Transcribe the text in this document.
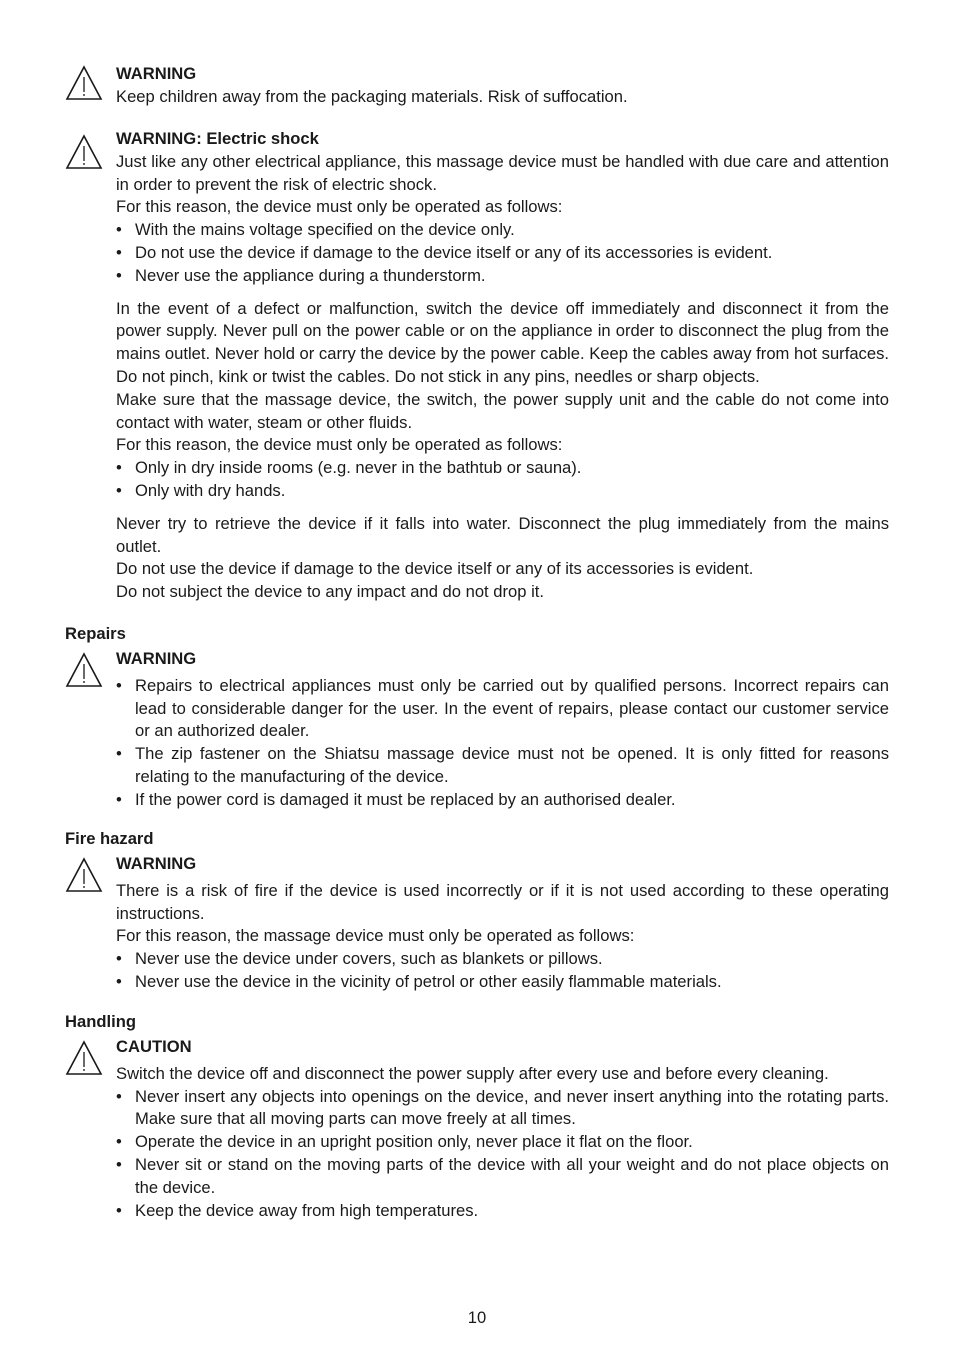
WARNING

Keep children away from the packaging materials. Risk of suffocation.

WARNING: Electric shock

Just like any other electrical appliance, this massage device must be handled with due care and attention in order to prevent the risk of electric shock.

For this reason, the device must only be operated as follows:

• With the mains voltage specified on the device only.
• Do not use the device if damage to the device itself or any of its accessories is evident.
• Never use the appliance during a thunderstorm.

In the event of a defect or malfunction, switch the device off immediately and disconnect it from the power supply. Never pull on the power cable or on the appliance in order to disconnect the plug from the mains outlet. Never hold or carry the device by the power cable. Keep the cables away from hot surfaces. Do not pinch, kink or twist the cables. Do not stick in any pins, needles or sharp objects.

Make sure that the massage device, the switch, the power supply unit and the cable do not come into contact with water, steam or other fluids.

For this reason, the device must only be operated as follows:

• Only in dry inside rooms (e.g. never in the bathtub or sauna).
• Only with dry hands.

Never try to retrieve the device if it falls into water. Disconnect the plug immediately from the mains outlet.

Do not use the device if damage to the device itself or any of its accessories is evident.

Do not subject the device to any impact and do not drop it.

Repairs
WARNING
• Repairs to electrical appliances must only be carried out by qualified persons. Incorrect repairs can lead to considerable danger for the user. In the event of repairs, please contact our customer service or an authorized dealer.
• The zip fastener on the Shiatsu massage device must not be opened. It is only fitted for reasons relating to the manufacturing of the device.
• If the power cord is damaged it must be replaced by an authorised dealer.
Fire hazard
WARNING

There is a risk of fire if the device is used incorrectly or if it is not used according to these operating instructions.

For this reason, the massage device must only be operated as follows:

• Never use the device under covers, such as blankets or pillows.
• Never use the device in the vicinity of petrol or other easily flammable materials.
Handling
CAUTION

Switch the device off and disconnect the power supply after every use and before every cleaning.

• Never insert any objects into openings on the device, and never insert anything into the rotating parts. Make sure that all moving parts can move freely at all times.
• Operate the device in an upright position only, never place it flat on the floor.
• Never sit or stand on the moving parts of the device with all your weight and do not place objects on the device.
• Keep the device away from high temperatures.
10
